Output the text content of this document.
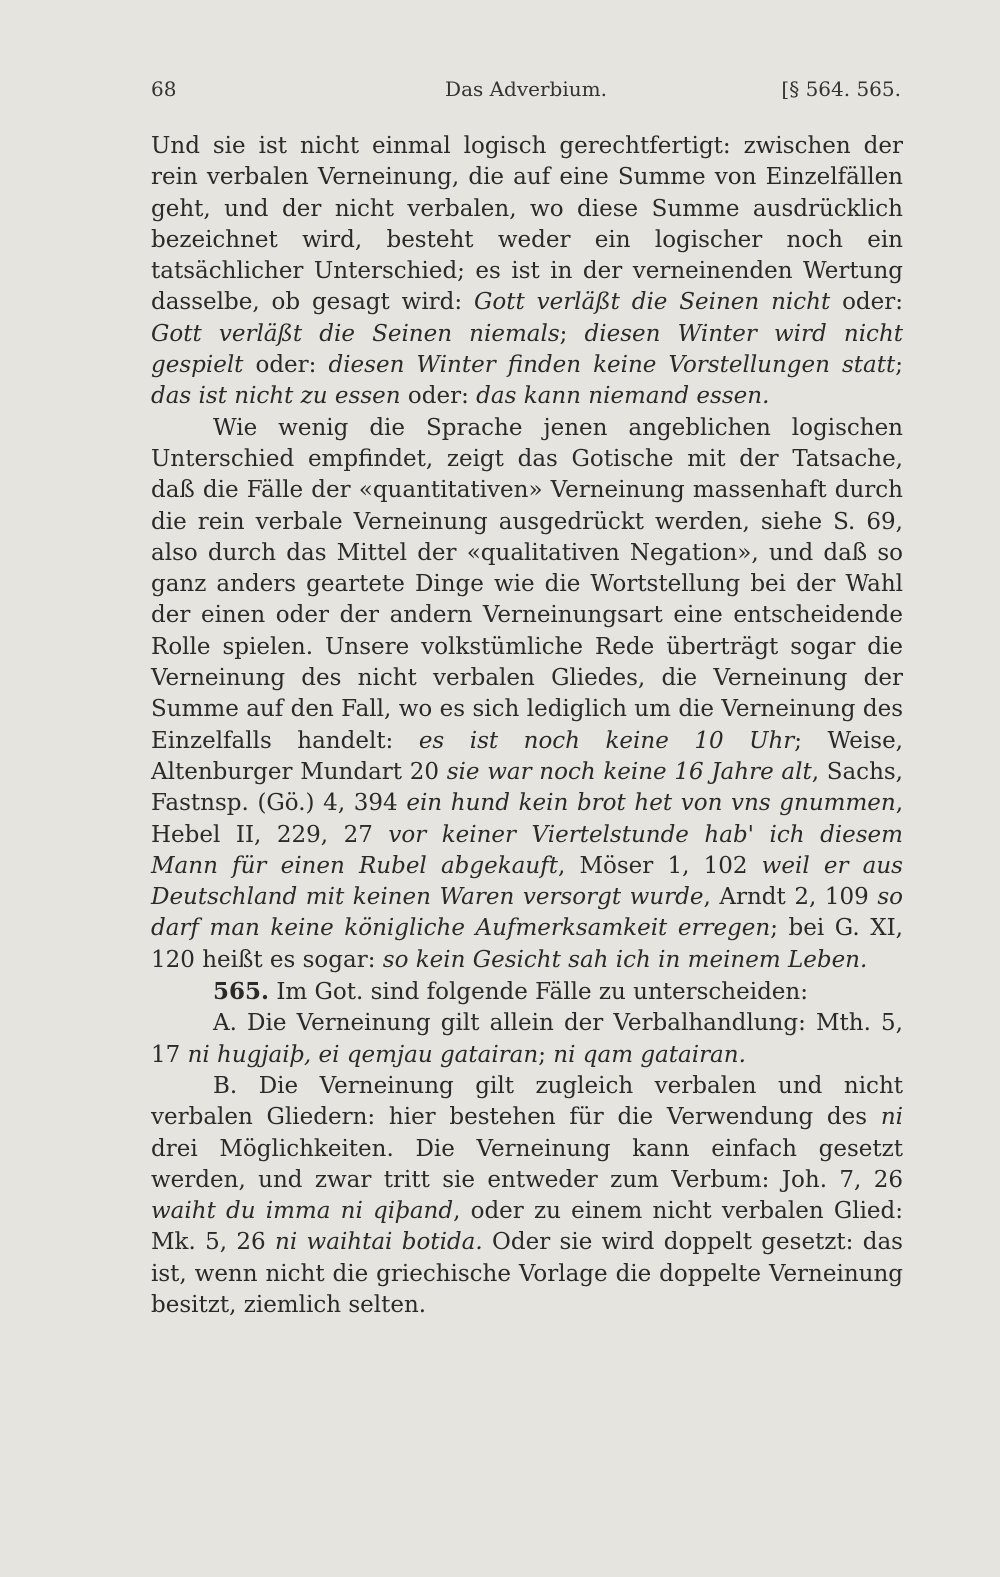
68	Das Adverbium.	[§ 564. 565.

Und sie ist nicht einmal logisch gerechtfertigt: zwischen der rein verbalen Verneinung, die auf eine Summe von Einzelfällen geht, und der nicht verbalen, wo diese Summe ausdrücklich bezeichnet wird, besteht weder ein logischer noch ein tatsächlicher Unterschied; es ist in der verneinenden Wertung dasselbe, ob gesagt wird: Gott verläßt die Seinen nicht oder: Gott verläßt die Seinen niemals; diesen Winter wird nicht gespielt oder: diesen Winter finden keine Vorstellungen statt; das ist nicht zu essen oder: das kann niemand essen.

Wie wenig die Sprache jenen angeblichen logischen Unterschied empfindet, zeigt das Gotische mit der Tatsache, daß die Fälle der «quantitativen» Verneinung massenhaft durch die rein verbale Verneinung ausgedrückt werden, siehe S. 69, also durch das Mittel der «qualitativen Negation», und daß so ganz anders geartete Dinge wie die Wortstellung bei der Wahl der einen oder der andern Verneinungsart eine entscheidende Rolle spielen. Unsere volkstümliche Rede überträgt sogar die Verneinung des nicht verbalen Gliedes, die Verneinung der Summe auf den Fall, wo es sich lediglich um die Verneinung des Einzelfalls handelt: es ist noch keine 10 Uhr; Weise, Altenburger Mundart 20 sie war noch keine 16 Jahre alt, Sachs, Fastnsp. (Gö.) 4, 394 ein hund kein brot het von vns gnummen, Hebel II, 229, 27 vor keiner Viertelstunde hab' ich diesem Mann für einen Rubel abgekauft, Möser 1, 102 weil er aus Deutschland mit keinen Waren versorgt wurde, Arndt 2, 109 so darf man keine königliche Aufmerksamkeit erregen; bei G. XI, 120 heißt es sogar: so kein Gesicht sah ich in meinem Leben.

565. Im Got. sind folgende Fälle zu unterscheiden:

A. Die Verneinung gilt allein der Verbalhandlung: Mth. 5, 17 ni hugjaiþ, ei qemjau gatairan; ni qam gatairan.

B. Die Verneinung gilt zugleich verbalen und nicht verbalen Gliedern: hier bestehen für die Verwendung des ni drei Möglichkeiten. Die Verneinung kann einfach gesetzt werden, und zwar tritt sie entweder zum Verbum: Joh. 7, 26 waiht du imma ni qiþand, oder zu einem nicht verbalen Glied: Mk. 5, 26 ni waihtai botida. Oder sie wird doppelt gesetzt: das ist, wenn nicht die griechische Vorlage die doppelte Verneinung besitzt, ziemlich selten.
